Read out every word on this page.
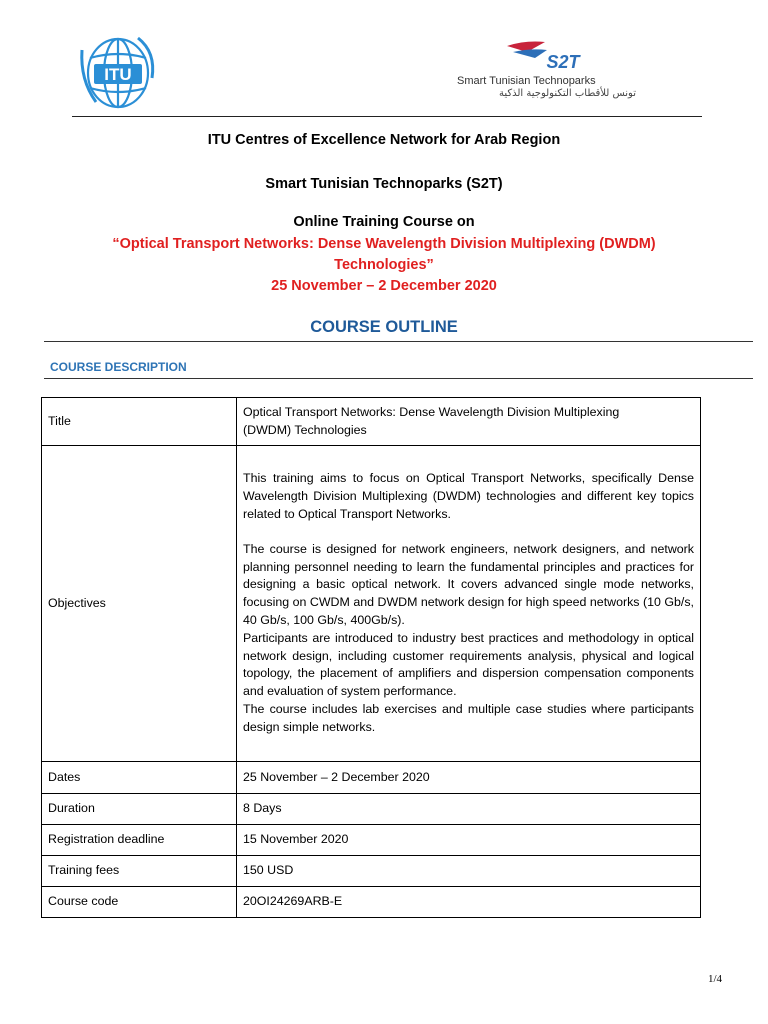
ITU
S2T
Smart Tunisian Technoparks
تونس للأقطاب التكنولوجية الذكية
ITU Centres of Excellence Network for Arab Region
Smart Tunisian Technoparks (S2T)
Online Training Course on
“Optical Transport Networks: Dense Wavelength Division Multiplexing (DWDM)
Technologies”
25 November – 2 December 2020
COURSE OUTLINE
COURSE DESCRIPTION
Title	Optical Transport Networks: Dense Wavelength Division Multiplexing
(DWDM) Technologies

Objectives	This training aims to focus on Optical Transport Networks, specifically Dense Wavelength Division Multiplexing (DWDM) technologies and different key topics related to Optical Transport Networks.
The course is designed for network engineers, network designers, and network planning personnel needing to learn the fundamental principles and practices for designing a basic optical network. It covers advanced single mode networks, focusing on CWDM and DWDM network design for high speed networks (10 Gb/s, 40 Gb/s, 100 Gb/s, 400Gb/s).
Participants are introduced to industry best practices and methodology in optical network design, including customer requirements analysis, physical and logical topology, the placement of amplifiers and dispersion compensation components and evaluation of system performance.
The course includes lab exercises and multiple case studies where participants design simple networks.

Dates	25 November – 2 December 2020
Duration	8 Days
Registration deadline	15 November 2020
Training fees	150 USD
Course code	20OI24269ARB-E
1/4
